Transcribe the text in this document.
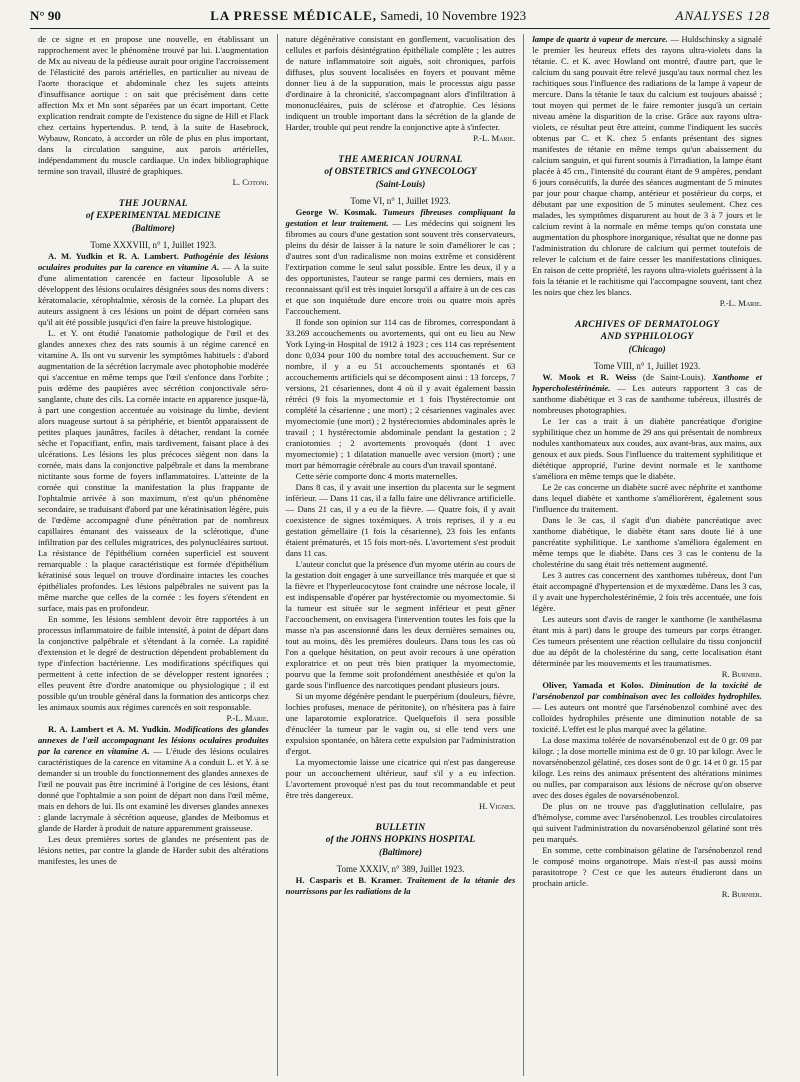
N° 90	LA PRESSE MÉDICALE, Samedi, 10 Novembre 1923	ANALYSES 128

de ce signe et en propose une nouvelle, en établissant un rapprochement avec le phénomène trouvé par lui. L'augmentation de Mx au niveau de la pédieuse aurait pour origine l'accroissement de l'élasticité des parois artérielles, en particulier au niveau de l'aorte thoracique et abdominale chez les sujets atteints d'insuffisance aortique : on sait que précisément dans cette affection Mx et Mn sont séparées par un écart important. Cette explication rendrait compte de l'existence du signe de Hill et Flack chez certains hypertendus. P. tend, à la suite de Hasebrock, Wybauw, Roncato, à accorder un rôle de plus en plus important, dans la circulation sanguine, aux parois artérielles, indépendamment du muscle cardiaque. Un index bibliographique termine son travail, illustré de graphiques.

L. Cotoni.

THE JOURNAL
of EXPERIMENTAL MEDICINE
(Baltimore)

Tome XXXVIII, n° 1, Juillet 1923.

A. M. Yudkin et R. A. Lambert. Pathogénie des lésions oculaires produites par la carence en vitamine A. — A la suite d'une alimentation carencée en facteur liposoluble A se développent des lésions oculaires désignées sous des noms divers : kératomalacie, xérophtalmie, xérosis de la cornée. La plupart des auteurs assignent à ces lésions un point de départ cornéen sans qu'il ait été possible jusqu'ici d'en faire la preuve histologique.

L. et Y. ont étudié l'anatomie pathologique de l'œil et des glandes annexes chez des rats soumis à un régime carencé en vitamine A. Ils ont vu survenir les symptômes habituels : d'abord augmentation de la sécrétion lacrymale avec photophobie modérée qui s'accentue en même temps que l'œil s'enfonce dans l'orbite ; puis œdème des paupières avec sécrétion conjonctivale séro-sanglante, chute des cils. La cornée intacte en apparence jusque-là, à part une congestion accentuée au voisinage du limbe, devient alors nuageuse surtout à sa périphérie, et bientôt apparaissent de petites plaques jaunâtres, faciles à détacher, rendant la cornée sèche et l'opacifiant, enfin, mais tardivement, faisant place à des ulcérations. Les lésions les plus précoces siègent non dans la cornée, mais dans la conjonctive palpébrale et dans la membrane nictitante sous forme de foyers inflammatoires. L'atteinte de la cornée qui constitue la manifestation la plus frappante de l'ophtalmie arrivée à son maximum, n'est qu'un phénomène secondaire, se traduisant d'abord par une kératinisation légère, puis de l'œdème accompagné d'une pénétration par de nombreux capillaires émanant des vaisseaux de la sclérotique, d'une infiltration par des cellules migratrices, des polynucléaires surtout. La résistance de l'épithélium cornéen superficiel est souvent remarquable : la plaque caractéristique est formée d'épithélium kératinisé sous lequel on trouve d'ordinaire intactes les couches épithéliales profondes. Les lésions palpébrales ne suivent pas la même marche que celles de la cornée : les foyers s'étendent en surface, mais pas en profondeur.

En somme, les lésions semblent devoir être rapportées à un processus inflammatoire de faible intensité, à point de départ dans la conjonctive palpébrale et s'étendant à la cornée. La rapidité d'extension et le degré de destruction dépendent probablement du type d'infection bactérienne. Les modifications spécifiques qui permettent à cette infection de se développer restent ignorées ; elles peuvent être d'ordre anatomique ou physiologique ; il est possible qu'un trouble général dans la formation des anticorps chez les animaux soumis aux régimes carencés en soit responsable.

P.-L. Marie.

R. A. Lambert et A. M. Yudkin. Modifications des glandes annexes de l'œil accompagnant les lésions oculaires produites par la carence en vitamine A. — L'étude des lésions oculaires caractéristiques de la carence en vitamine A a conduit L. et Y. à se demander si un trouble du fonctionnement des glandes annexes de l'œil ne pouvait pas être incriminé à l'origine de ces lésions, étant donné que l'ophtalmie a son point de départ non dans l'œil même, mais en dehors de lui. Ils ont examiné les diverses glandes annexes : glande lacrymale à sécrétion aqueuse, glandes de Meibomus et glande de Harder à produit de nature apparemment graisseuse.

Les deux premières sortes de glandes ne présentent pas de lésions nettes, par contre la glande de Harder subit des altérations manifestes, les unes de

nature dégénérative consistant en gonflement, vacuolisation des cellules et parfois désintégration épithéliale complète ; les autres de nature inflammatoire soit aiguës, soit chroniques, parfois diffuses, plus souvent localisées en foyers et pouvant même donner lieu à de la suppuration, mais le processus aigu passe d'ordinaire à la chronicité, s'accompagnant alors d'infiltration à mononucléaires, puis de sclérose et d'atrophie. Ces lésions indiquent un trouble important dans la sécrétion de la glande de Harder, trouble qui peut rendre la conjonctive apte à s'infecter.

P.-L. Marie.

THE AMERICAN JOURNAL
of OBSTETRICS and GYNECOLOGY
(Saint-Louis)

Tome VI, n° 1, Juillet 1923.

George W. Kosmak. Tumeurs fibreuses compliquant la gestation et leur traitement. — Les médecins qui soignent les fibromes au cours d'une gestation sont souvent très conservateurs, pleins du désir de laisser à la nature le soin d'améliorer le cas ; d'autres sont d'un radicalisme non moins extrême et considèrent l'extirpation comme le seul salut possible. Entre les deux, il y a des opportunistes, l'auteur se range parmi ces derniers, mais en reconnaissant qu'il est très inquiet lorsqu'il a affaire à un de ces cas et que son inquiétude dure encore trois ou quatre mois après l'accouchement.

Il fonde son opinion sur 114 cas de fibromes, correspondant à 33.269 accouchements ou avortements, qui ont eu lieu au New York Lying-in Hospital de 1912 à 1923 ; ces 114 cas représentent donc 0,034 pour 100 du nombre total des accouchement. Sur ce nombre, il y a eu 51 accouchements spontanés et 63 accouchements artificiels qui se décomposent ainsi : 13 forceps, 7 versions, 21 césariennes, dont 4 où il y avait également bassin rétréci (9 fois la myomectomie et 1 fois l'hystérectomie ont complété la césarienne ; une mort) ; 2 césariennes vaginales avec myomectomie (une mort) ; 2 hystérectomies abdominales après le travail ; 1 hystérectomie abdominale pendant la gestation ; 2 craniotomies ; 2 avortements provoqués (dont 1 avec myomectomie) ; 1 dilatation manuelle avec version (mort) ; une mort par hémorragie cérébrale au cours d'un travail spontané.

Cette série comporte donc 4 morts maternelles.

Dans 8 cas, il y avait une insertion du placenta sur le segment inférieur. — Dans 11 cas, il a fallu faire une délivrance artificielle. — Dans 21 cas, il y a eu de la fièvre. — Quatre fois, il y avait coexistence de signes toxémiques. A trois reprises, il y a eu gestation gémellaire (1 fois la césarienne), 23 fois les enfants étaient prématurés, et 15 fois mort-nés. L'avortement s'est produit dans 11 cas.

L'auteur conclut que la présence d'un myome utérin au cours de la gestation doit engager à une surveillance très marquée et que si la fièvre et l'hyperleucocytose font craindre une nécrose locale, il est indispensable d'opérer par hystérectomie ou myomectomie. Si la tumeur est située sur le segment inférieur et peut gêner l'accouchement, on envisagera l'intervention toutes les fois que la masse n'a pas ascensionné dans les deux dernières semaines ou, tout au moins, dès les premières douleurs. Dans tous les cas où l'on a quelque hésitation, on peut avoir recours à une opération exploratrice et on peut très bien pratiquer la myomectomie, pourvu que la femme soit profondément anesthésiée et qu'on la garde sous l'influence des narcotiques pendant plusieurs jours.

Si un myome dégénère pendant le puerpérium (douleurs, fièvre, lochies profuses, menace de péritonite), on n'hésitera pas à faire une laparotomie exploratrice. Quelquefois il sera possible d'énucléer la tumeur par le vagin ou, si elle tend vers une expulsion spontanée, on hâtera cette expulsion par l'administration d'ergot.

La myomectomie laisse une cicatrice qui n'est pas dangereuse pour un accouchement ultérieur, sauf s'il y a eu infection. L'avortement provoqué n'est pas du tout recommandable et peut être très dangereux.

H. Vignes.

BULLETIN
of the JOHNS HOPKINS HOSPITAL
(Baltimore)

Tome XXXIV, n° 389, Juillet 1923.

H. Casparis et B. Kramer. Traitement de la tétanie des nourrissons par les radiations de la

lampe de quartz à vapeur de mercure. — Huldschinsky a signalé le premier les heureux effets des rayons ultra-violets dans la tétanie. C. et K. avec Howland ont montré, d'autre part, que le calcium du sang pouvait être relevé jusqu'au taux normal chez les rachitiques sous l'influence des radiations de la lampe à vapeur de mercure. Dans la tétanie le taux du calcium est toujours abaissé ; tout moyen qui permet de le faire remonter jusqu'à un certain niveau amène la disparition de la crise. Grâce aux rayons ultra-violets, ce résultat peut être atteint, comme l'indiquent les succès obtenus par C. et K. chez 5 enfants présentant des signes manifestes de tétanie en même temps qu'un abaissement du calcium sanguin, et qui furent soumis à l'irradiation, la lampe étant placée à 45 cm., l'intensité du courant étant de 9 ampères, pendant 6 jours consécutifs, la durée des séances augmentant de 5 minutes par jour pour chaque champ, antérieur et postérieur du corps, et débutant par une exposition de 5 minutes seulement. Chez ces malades, les symptômes disparurent au bout de 3 à 7 jours et le calcium revint à la normale en même temps qu'on constata une augmentation du phosphore inorganique, résultat que ne donne pas l'administration du chlorure de calcium qui permet toutefois de relever le calcium et de faire cesser les manifestations cliniques. En raison de cette propriété, les rayons ultra-violets guérissent à la fois la tétanie et le rachitisme qui l'accompagne souvent, tant chez les noirs que chez les blancs.

P.-L. Marie.

ARCHIVES OF DERMATOLOGY
AND SYPHILOLOGY
(Chicago)

Tome VIII, n° 1, Juillet 1923.

W. Mook et R. Weiss (de Saint-Louis). Xanthome et hypercholestérinémie. — Les auteurs rapportent 3 cas de xanthome diabétique et 3 cas de xanthome tubéreux, illustrés de nombreuses photographies.

Le 1er cas a trait à un diabète pancréatique d'origine syphilitique chez un homme de 29 ans qui présentait de nombreux nodules xanthomateux aux coudes, aux avant-bras, aux mains, aux genoux et aux pieds. Sous l'influence du traitement syphilitique et diététique approprié, l'urine devint normale et le xanthome s'améliora en même temps que le diabète.

Le 2e cas concerne un diabète sucré avec néphrite et xanthome dans lequel diabète et xanthome s'améliorèrent, également sous l'influence du traitement.

Dans le 3e cas, il s'agit d'un diabète pancréatique avec xanthome diabétique, le diabète étant sans doute lié à une pancréatite syphilitique. Le xanthome s'améliora également en même temps que le diabète. Dans ces 3 cas le contenu de la cholestérine du sang était très nettement augmenté.

Les 3 autres cas concernent des xanthomes tubéreux, dont l'un était accompagné d'hypertension et de myxœdème. Dans les 3 cas, il y avait une hypercholestérinémie, 2 fois très accentuée, une fois légère.

Les auteurs sont d'avis de ranger le xanthome (le xanthélasma étant mis à part) dans le groupe des tumeurs par corps étranger. Ces tumeurs présentent une réaction cellulaire du tissu conjonctif due au dépôt de la cholestérine du sang, cette localisation étant déterminée par les mouvements et les traumatismes.

R. Burnier.

Oliver, Yamada et Kolos. Diminution de la toxicité de l'arsénobenzol par combinaison avec les colloïdes hydrophiles. — Les auteurs ont montré que l'arsénobenzol combiné avec des colloïdes hydrophiles présente une diminution notable de sa toxicité. L'effet est le plus marqué avec la gélatine.

La dose maxima tolérée de novarsénobenzol est de 0 gr. 09 par kilogr. ; la dose mortelle minima est de 0 gr. 10 par kilogr. Avec le novarsénobenzol gélatiné, ces doses sont de 0 gr. 14 et 0 gr. 15 par kilogr. Les reins des animaux présentent des altérations minimes ou nulles, par comparaison aux lésions de nécrose qu'on observe avec des doses égales de novarsénobenzol.

De plus on ne trouve pas d'agglutination cellulaire, pas d'hémolyse, comme avec l'arsénobenzol. Les troubles circulatoires qui suivent l'administration du novarsénobenzol gélatiné sont très peu marqués.

En somme, cette combinaison gélatine de l'arsénobenzol rend le composé moins organotrope. Mais n'est-il pas aussi moins parasitotrope ? C'est ce que les auteurs étudieront dans un prochain article.

R. Burnier.
